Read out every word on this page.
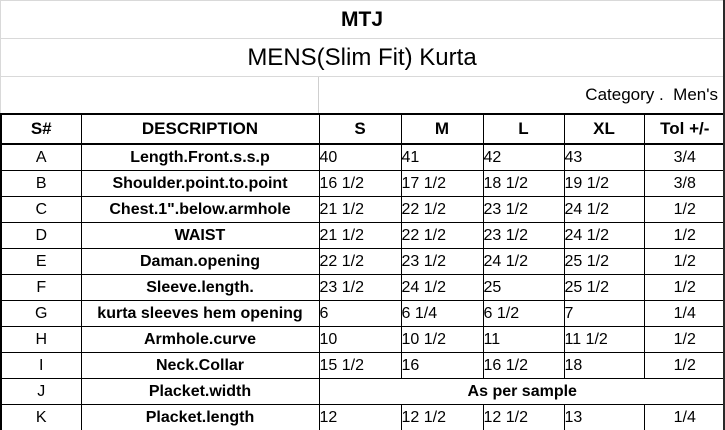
MTJ
MENS(Slim Fit) Kurta
Category .  Men's
S#	DESCRIPTION	S	M	L	XL	Tol +/-
A	Length.Front.s.s.p	40	41	42	43	3/4
B	Shoulder.point.to.point	16 1/2	17 1/2	18 1/2	19 1/2	3/8
C	Chest.1".below.armhole	21 1/2	22 1/2	23 1/2	24 1/2	1/2
D	WAIST	21 1/2	22 1/2	23 1/2	24 1/2	1/2
E	Daman.opening	22 1/2	23 1/2	24 1/2	25 1/2	1/2
F	Sleeve.length.	23 1/2	24 1/2	25	25 1/2	1/2
G	kurta sleeves hem opening	6	6 1/4	6 1/2	7	1/4
H	Armhole.curve	10	10 1/2	11	11 1/2	1/2
I	Neck.Collar	15 1/2	16	16 1/2	18	1/2
J	Placket.width	As per sample				
K	Placket.length	12	12 1/2	12 1/2	13	1/4
